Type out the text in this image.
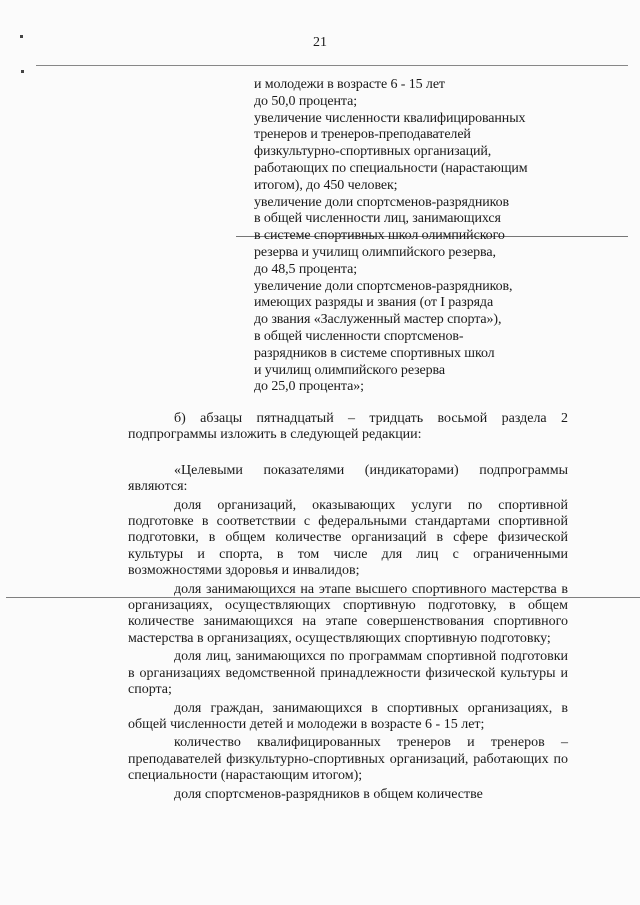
21
и молодежи в возрасте 6 - 15 лет
до 50,0 процента;
увеличение численности квалифицированных
тренеров и тренеров-преподавателей
физкультурно-спортивных организаций,
работающих по специальности (нарастающим
итогом), до 450 человек;
увеличение доли спортсменов-разрядников
в общей численности лиц, занимающихся
в системе спортивных школ олимпийского
резерва и училищ олимпийского резерва,
до 48,5 процента;
увеличение доли спортсменов-разрядников,
имеющих разряды и звания (от I разряда
до звания «Заслуженный мастер спорта»),
в общей численности спортсменов-
разрядников в системе спортивных школ
и училищ олимпийского резерва
до 25,0 процента»;

б) абзацы пятнадцатый – тридцать восьмой раздела 2 подпрограммы изложить в следующей редакции:

«Целевыми показателями (индикаторами) подпрограммы являются:

доля организаций, оказывающих услуги по спортивной подготовке в соответствии с федеральными стандартами спортивной подготовки, в общем количестве организаций в сфере физической культуры и спорта, в том числе для лиц с ограниченными возможностями здоровья и инвалидов;

доля занимающихся на этапе высшего спортивного мастерства в организациях, осуществляющих спортивную подготовку, в общем количестве занимающихся на этапе совершенствования спортивного мастерства в организациях, осуществляющих спортивную подготовку;

доля лиц, занимающихся по программам спортивной подготовки в организациях ведомственной принадлежности физической культуры и спорта;

доля граждан, занимающихся в спортивных организациях, в общей численности детей и молодежи в возрасте 6 - 15 лет;

количество квалифицированных тренеров и тренеров – преподавателей физкультурно-спортивных организаций, работающих по специальности (нарастающим итогом);

доля спортсменов-разрядников в общем количестве
